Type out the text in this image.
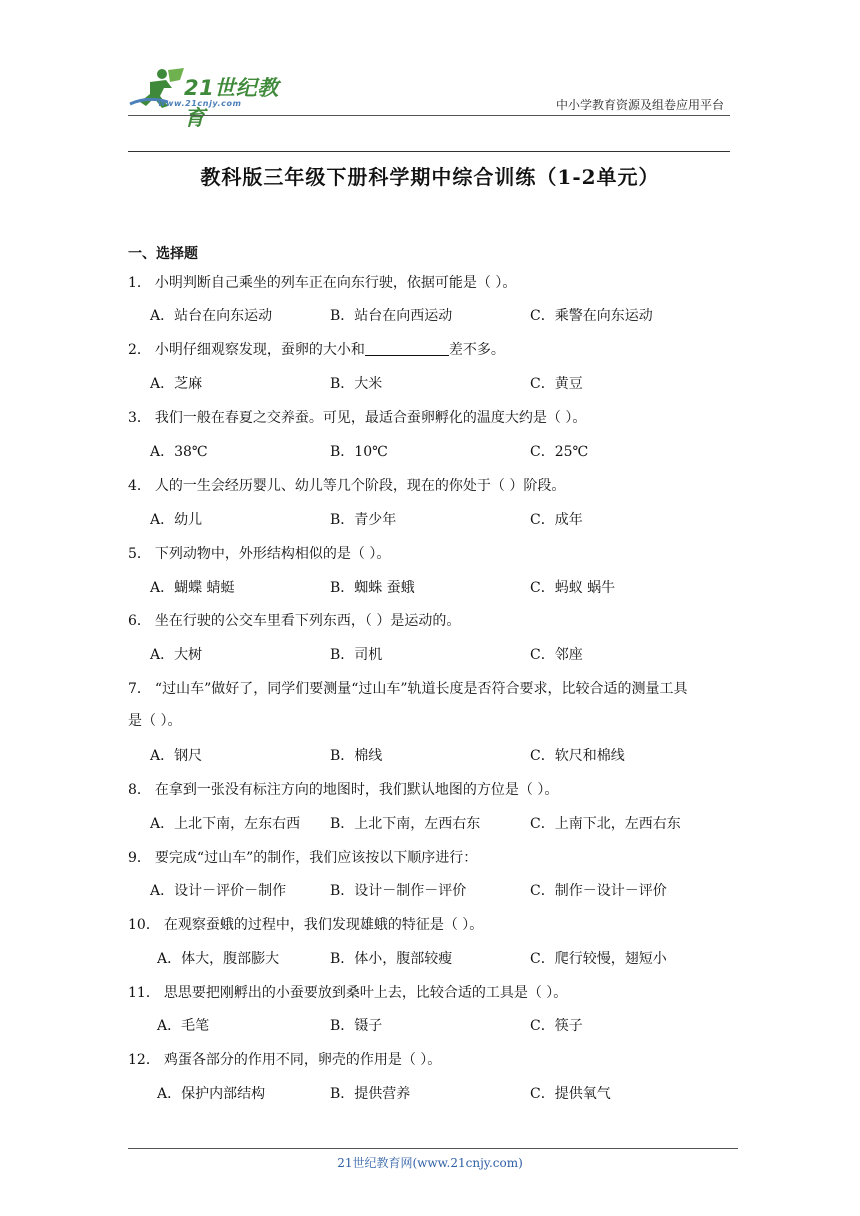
21世纪教育
www.21cnjy.com	中小学教育资源及组卷应用平台
教科版三年级下册科学期中综合训练（1-2单元）
一、选择题
1． 小明判断自己乘坐的列车正在向东行驶，依据可能是（ ）。
A．站台在向东运动	B．站台在向西运动	C．乘警在向东运动
2． 小明仔细观察发现，蚕卵的大小和	差不多。
A．芝麻	B．大米	C．黄豆
3． 我们一般在春夏之交养蚕。可见，最适合蚕卵孵化的温度大约是（ ）。
A．38℃	B．10℃	C．25℃
4． 人的一生会经历婴儿、幼儿等几个阶段，现在的你处于（ ）阶段。
A．幼儿	B．青少年	C．成年
5． 下列动物中，外形结构相似的是（ ）。
A．蝴蝶 蜻蜓	B．蜘蛛 蚕蛾	C．蚂蚁 蜗牛
6． 坐在行驶的公交车里看下列东西，（ ）是运动的。
A．大树	B．司机	C．邻座
7． “过山车”做好了，同学们要测量“过山车”轨道长度是否符合要求，比较合适的测量工具
是（ ）。
A．钢尺	B．棉线	C．软尺和棉线
8． 在拿到一张没有标注方向的地图时，我们默认地图的方位是（ ）。
A．上北下南，左东右西 B．上北下南，左西右东	C．上南下北，左西右东
9． 要完成“过山车”的制作，我们应该按以下顺序进行：
A．设计－评价－制作	B．设计－制作－评价	C．制作－设计－评价
10． 在观察蚕蛾的过程中，我们发现雄蛾的特征是（ ）。
A．体大，腹部膨大	B．体小，腹部较瘦	C．爬行较慢，翅短小
11． 思思要把刚孵出的小蚕要放到桑叶上去，比较合适的工具是（ ）。
A．毛笔	B．镊子	C．筷子
12． 鸡蛋各部分的作用不同，卵壳的作用是（ ）。
A．保护内部结构	B．提供营养	C．提供氧气
21世纪教育网(www.21cnjy.com)
